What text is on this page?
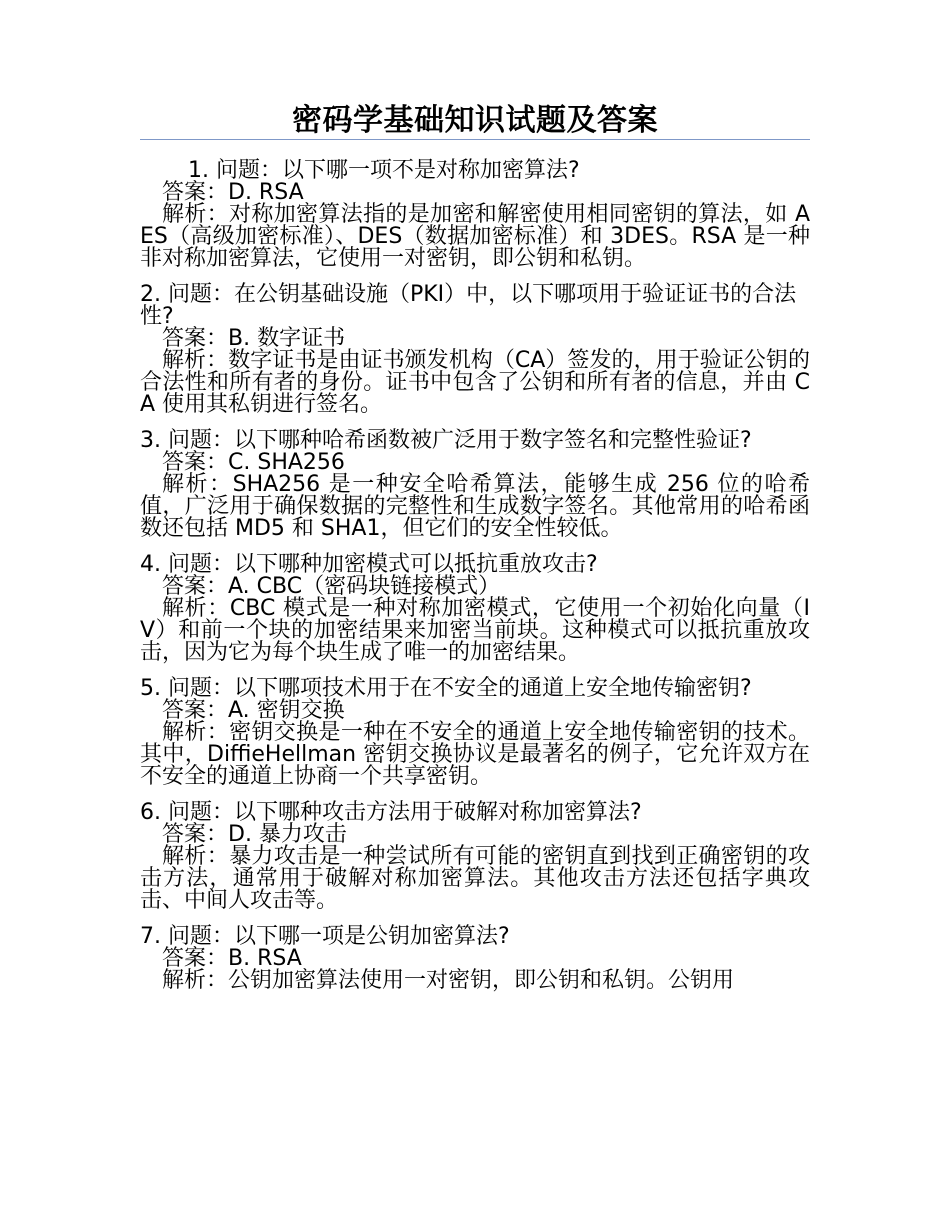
密码学基础知识试题及答案
1. 问题：以下哪一项不是对称加密算法?
答案：D. RSA
解析：对称加密算法指的是加密和解密使用相同密钥的算法，如 AES（高级加密标准）、DES（数据加密标准）和 3DES。RSA 是一种非对称加密算法，它使用一对密钥，即公钥和私钥。
2. 问题：在公钥基础设施（PKI）中，以下哪项用于验证证书的合法性?
答案：B. 数字证书
解析：数字证书是由证书颁发机构（CA）签发的，用于验证公钥的合法性和所有者的身份。证书中包含了公钥和所有者的信息，并由 CA 使用其私钥进行签名。
3. 问题：以下哪种哈希函数被广泛用于数字签名和完整性验证?
答案：C. SHA256
解析：SHA256 是一种安全哈希算法，能够生成 256 位的哈希值，广泛用于确保数据的完整性和生成数字签名。其他常用的哈希函数还包括 MD5 和 SHA1，但它们的安全性较低。
4. 问题：以下哪种加密模式可以抵抗重放攻击?
答案：A. CBC（密码块链接模式）
解析：CBC 模式是一种对称加密模式，它使用一个初始化向量（IV）和前一个块的加密结果来加密当前块。这种模式可以抵抗重放攻击，因为它为每个块生成了唯一的加密结果。
5. 问题：以下哪项技术用于在不安全的通道上安全地传输密钥?
答案：A. 密钥交换
解析：密钥交换是一种在不安全的通道上安全地传输密钥的技术。其中，DiffieHellman 密钥交换协议是最著名的例子，它允许双方在不安全的通道上协商一个共享密钥。
6. 问题：以下哪种攻击方法用于破解对称加密算法?
答案：D. 暴力攻击
解析：暴力攻击是一种尝试所有可能的密钥直到找到正确密钥的攻击方法，通常用于破解对称加密算法。其他攻击方法还包括字典攻击、中间人攻击等。
7. 问题：以下哪一项是公钥加密算法?
答案：B. RSA
解析：公钥加密算法使用一对密钥，即公钥和私钥。公钥用
